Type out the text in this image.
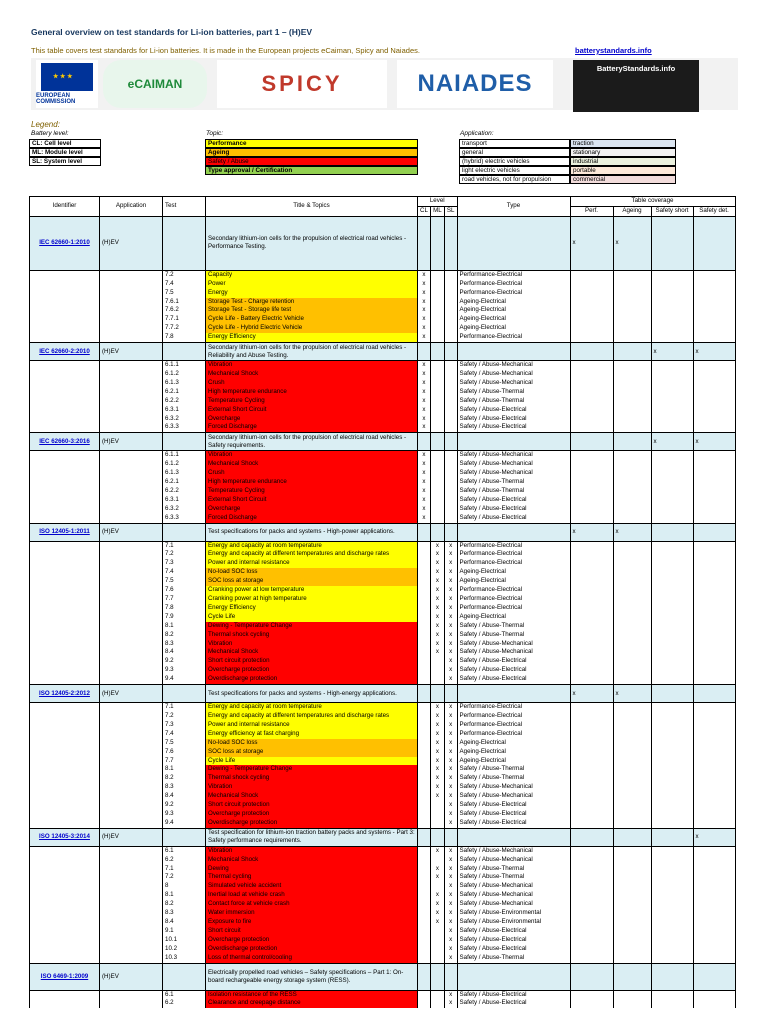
General overview on test standards for Li-ion batteries, part 1 – (H)EV
This table covers test standards for Li-ion batteries. It is made in the European projects eCaiman, Spicy and Naiades.	batterystandards.info
★ ★ ★
EUROPEAN COMMISSION
eCAIMAN	SPICY	NAIADES
BatteryStandards.info
Legend:
Battery level:
CL: Cell level
ML: Module level
SL: System level
Topic:
Performance
Ageing
Safety / Abuse
Type approval / Certification
Application:
transport	traction
general	stationary
(hybrid) electric vehicles	industrial
light electric vehicles	portable
road vehicles, not for propulsion	commercial
Identifier	Application	Test	Title & Topics	Level			Type	Table coverage			
				CL	ML	SL		Perf.	Ageing	Safety short	Safety det.
IEC 62660-1:2010	(H)EV		Secondary lithium-ion cells for the propulsion of electrical road vehicles - Performance Testing.					x	x		
		7.2	Capacity	x			Performance-Electrical				
		7.4	Power	x			Performance-Electrical				
		7.5	Energy	x			Performance-Electrical				
		7.6.1	Storage Test - Charge retention	x			Ageing-Electrical				
		7.6.2	Storage Test - Storage life test	x			Ageing-Electrical				
		7.7.1	Cycle Life - Battery Electric Vehicle	x			Ageing-Electrical				
		7.7.2	Cycle Life - Hybrid Electric Vehicle	x			Ageing-Electrical				
		7.8	Energy Efficiency	x			Performance-Electrical				
IEC 62660-2:2010	(H)EV		Secondary lithium-ion cells for the propulsion of electrical road vehicles - Reliability and Abuse Testing.							x	x
		6.1.1	Vibration	x			Safety / Abuse-Mechanical				
		6.1.2	Mechanical Shock	x			Safety / Abuse-Mechanical				
		6.1.3	Crush	x			Safety / Abuse-Mechanical				
		6.2.1	High temperature endurance	x			Safety / Abuse-Thermal				
		6.2.2	Temperature Cycling	x			Safety / Abuse-Thermal				
		6.3.1	External Short Circuit	x			Safety / Abuse-Electrical				
		6.3.2	Overcharge	x			Safety / Abuse-Electrical				
		6.3.3	Forced Discharge	x			Safety / Abuse-Electrical				
IEC 62660-3:2016	(H)EV		Secondary lithium-ion cells for the propulsion of electrical road vehicles - Safety requirements.							x	x
		6.1.1	Vibration	x			Safety / Abuse-Mechanical				
		6.1.2	Mechanical Shock	x			Safety / Abuse-Mechanical				
		6.1.3	Crush	x			Safety / Abuse-Mechanical				
		6.2.1	High temperature endurance	x			Safety / Abuse-Thermal				
		6.2.2	Temperature Cycling	x			Safety / Abuse-Thermal				
		6.3.1	External Short Circuit	x			Safety / Abuse-Electrical				
		6.3.2	Overcharge	x			Safety / Abuse-Electrical				
		6.3.3	Forced Discharge	x			Safety / Abuse-Electrical				
ISO 12405-1:2011	(H)EV		Test specifications for packs and systems - High-power applications.					x	x		
		7.1	Energy and capacity at room temperature		x	x	Performance-Electrical				
		7.2	Energy and capacity at different temperatures and discharge rates		x	x	Performance-Electrical				
		7.3	Power and internal resistance		x	x	Performance-Electrical				
		7.4	No-load SOC loss		x	x	Ageing-Electrical				
		7.5	SOC loss at storage		x	x	Ageing-Electrical				
		7.6	Cranking power at low temperature		x	x	Performance-Electrical				
		7.7	Cranking power at high temperature		x	x	Performance-Electrical				
		7.8	Energy Efficiency		x	x	Performance-Electrical				
		7.9	Cycle Life		x	x	Ageing-Electrical				
		8.1	Dewing - Temperature Change		x	x	Safety / Abuse-Thermal				
		8.2	Thermal shock cycling		x	x	Safety / Abuse-Thermal				
		8.3	Vibration		x	x	Safety / Abuse-Mechanical				
		8.4	Mechanical Shock		x	x	Safety / Abuse-Mechanical				
		9.2	Short circuit protection			x	Safety / Abuse-Electrical				
		9.3	Overcharge protection			x	Safety / Abuse-Electrical				
		9.4	Overdischarge protection			x	Safety / Abuse-Electrical				
ISO 12405-2:2012	(H)EV		Test specifications for packs and systems - High-energy applications.					x	x		
		7.1	Energy and capacity at room temperature		x	x	Performance-Electrical				
		7.2	Energy and capacity at different temperatures and discharge rates		x	x	Performance-Electrical				
		7.3	Power and internal resistance		x	x	Performance-Electrical				
		7.4	Energy efficiency at fast charging		x	x	Performance-Electrical				
		7.5	No-load SOC loss		x	x	Ageing-Electrical				
		7.6	SOC loss at storage		x	x	Ageing-Electrical				
		7.7	Cycle Life		x	x	Ageing-Electrical				
		8.1	Dewing - Temperature Change		x	x	Safety / Abuse-Thermal				
		8.2	Thermal shock cycling		x	x	Safety / Abuse-Thermal				
		8.3	Vibration		x	x	Safety / Abuse-Mechanical				
		8.4	Mechanical Shock		x	x	Safety / Abuse-Mechanical				
		9.2	Short circuit protection			x	Safety / Abuse-Electrical				
		9.3	Overcharge protection			x	Safety / Abuse-Electrical				
		9.4	Overdischarge protection			x	Safety / Abuse-Electrical				
ISO 12405-3:2014	(H)EV		Test specification for lithium-ion traction battery packs and systems - Part 3: Safety performance requirements.								x
		6.1	Vibration		x	x	Safety / Abuse-Mechanical				
		6.2	Mechanical Shock			x	Safety / Abuse-Mechanical				
		7.1	Dewing		x	x	Safety / Abuse-Thermal				
		7.2	Thermal cycling		x	x	Safety / Abuse-Thermal				
		8	Simulated vehicle accident			x	Safety / Abuse-Mechanical				
		8.1	Inertial load at vehicle crash		x	x	Safety / Abuse-Mechanical				
		8.2	Contact force at vehicle crash		x	x	Safety / Abuse-Mechanical				
		8.3	Water immersion		x	x	Safety / Abuse-Environmental				
		8.4	Exposure to fire		x	x	Safety / Abuse-Environmental				
		9.1	Short circuit			x	Safety / Abuse-Electrical				
		10.1	Overcharge protection			x	Safety / Abuse-Electrical				
		10.2	Overdischarge protection			x	Safety / Abuse-Electrical				
		10.3	Loss of thermal control/cooling			x	Safety / Abuse-Thermal				
ISO 6469-1:2009	(H)EV		Electrically propelled road vehicles – Safety specifications – Part 1: On-board rechargeable energy storage system (RESS).								
		6.1	Isolation resistance of the RESS			x	Safety / Abuse-Electrical				
		6.2	Clearance and creepage distance			x	Safety / Abuse-Electrical				
